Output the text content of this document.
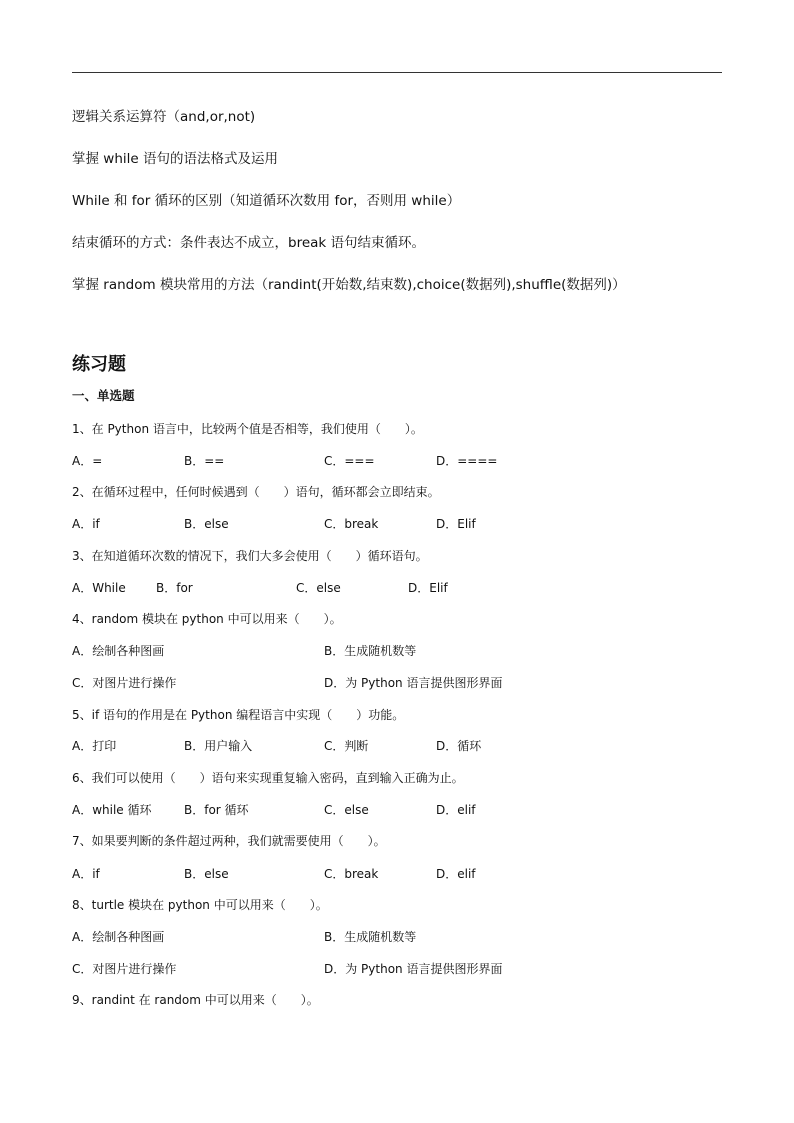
逻辑关系运算符（and,or,not)
掌握 while 语句的语法格式及运用
While 和 for 循环的区别（知道循环次数用 for，否则用 while）
结束循环的方式：条件表达不成立，break 语句结束循环。
掌握 random 模块常用的方法（randint(开始数,结束数),choice(数据列),shuffle(数据列)）
练习题
一、单选题
1、在 Python 语言中，比较两个值是否相等，我们使用（　　）。
A．=	B．==	C．===	D．====
2、在循环过程中，任何时候遇到（　　）语句，循环都会立即结束。
A．if	B．else	C．break	D．Elif
3、在知道循环次数的情况下，我们大多会使用（　　）循环语句。
A．While	B．for	C．else	D．Elif
4、random 模块在 python 中可以用来（　　）。
A．绘制各种图画	B．生成随机数等
C．对图片进行操作	D．为 Python 语言提供图形界面
5、if 语句的作用是在 Python 编程语言中实现（　　）功能。
A．打印	B．用户输入	C．判断	D．循环
6、我们可以使用（　　）语句来实现重复输入密码，直到输入正确为止。
A．while 循环	B．for 循环	C．else	D．elif
7、如果要判断的条件超过两种，我们就需要使用（　　）。
A．if	B．else	C．break	D．elif
8、turtle 模块在 python 中可以用来（　　）。
A．绘制各种图画	B．生成随机数等
C．对图片进行操作	D．为 Python 语言提供图形界面
9、randint 在 random 中可以用来（　　）。
